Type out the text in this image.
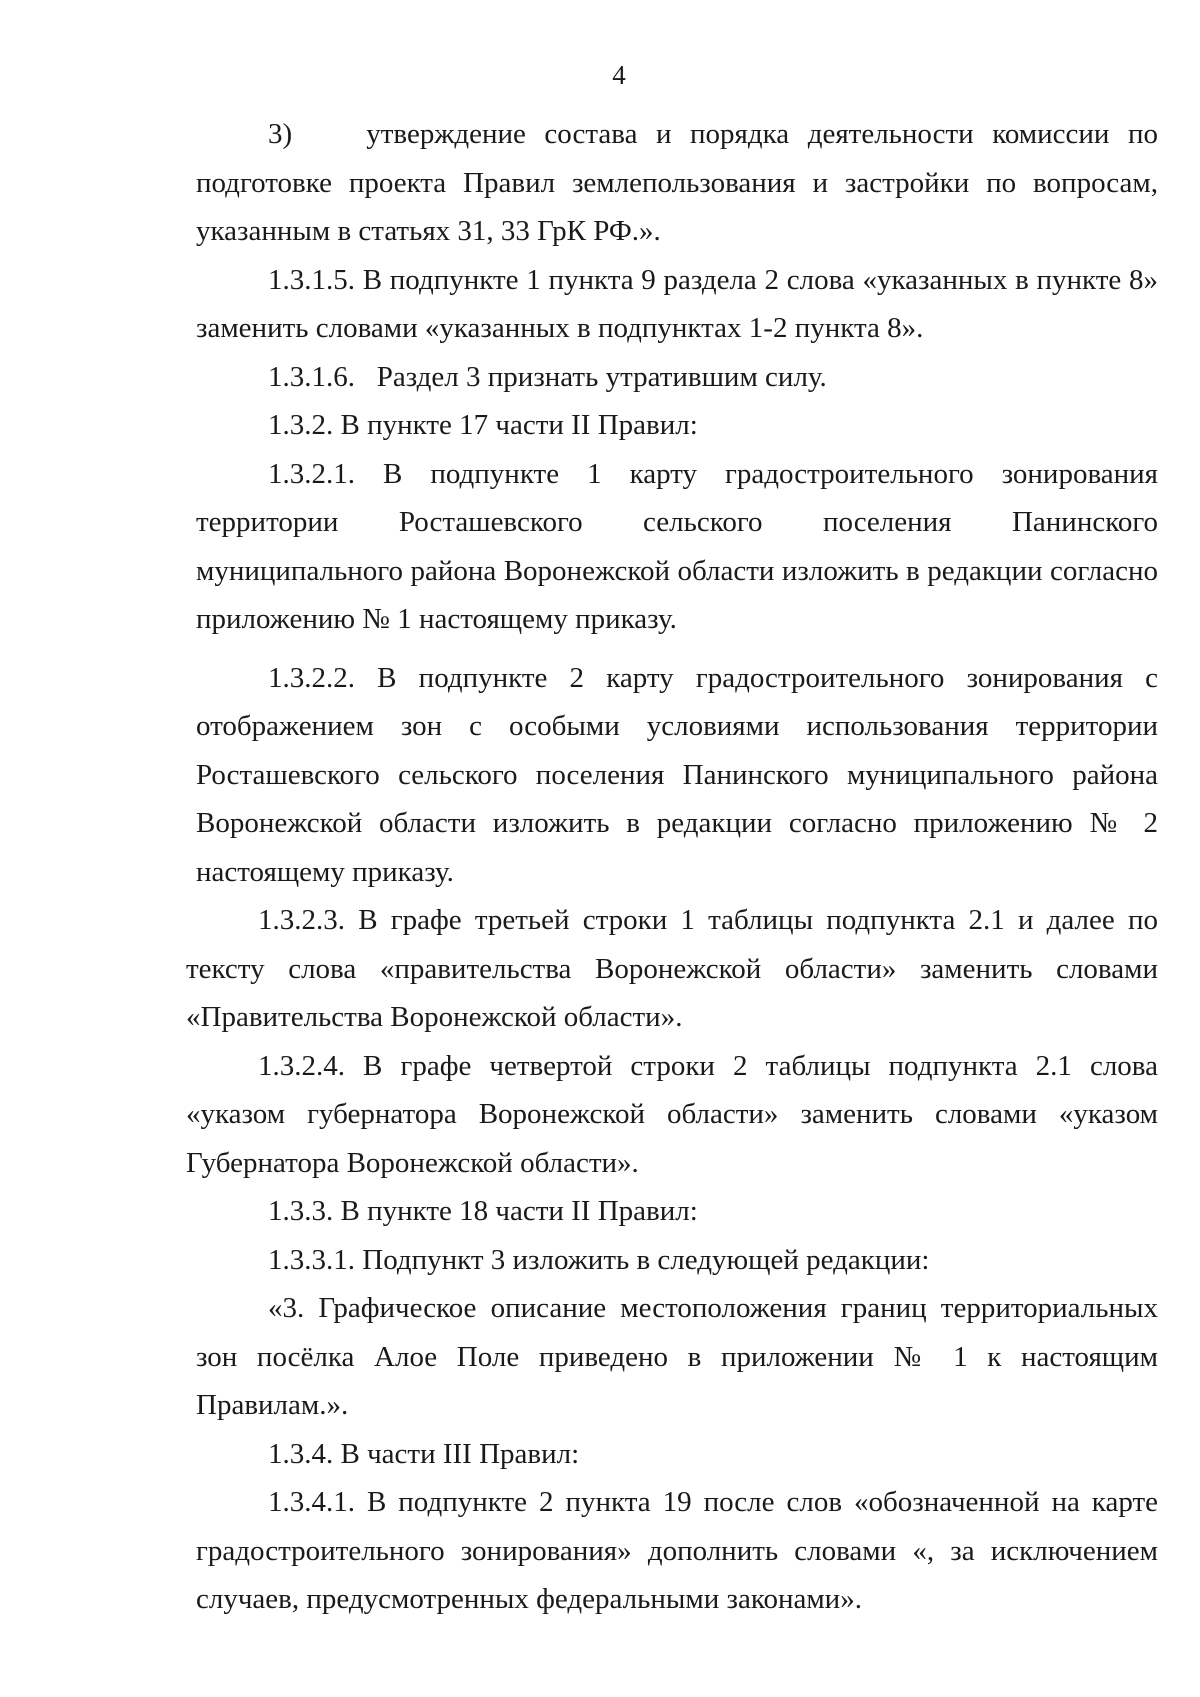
4

3)    утверждение состава и порядка деятельности комиссии по подготовке проекта Правил землепользования и застройки по вопросам, указанным в статьях 31, 33 ГрК РФ.».

1.3.1.5. В подпункте 1 пункта 9 раздела 2 слова «указанных в пункте 8» заменить словами «указанных в подпунктах 1-2 пункта 8».

1.3.1.6.   Раздел 3 признать утратившим силу.

1.3.2. В пункте 17 части II Правил:

1.3.2.1. В подпункте 1 карту градостроительного зонирования территории Росташевского сельского поселения Панинского муниципального района Воронежской области изложить в редакции согласно приложению № 1 настоящему приказу.

1.3.2.2. В подпункте 2 карту градостроительного зонирования с отображением зон с особыми условиями использования территории Росташевского сельского поселения Панинского муниципального района Воронежской области изложить в редакции согласно приложению № 2 настоящему приказу.

1.3.2.3. В графе третьей строки 1 таблицы подпункта 2.1 и далее по тексту слова «правительства Воронежской области» заменить словами «Правительства Воронежской области».

1.3.2.4. В графе четвертой строки 2 таблицы подпункта 2.1 слова «указом губернатора Воронежской области» заменить словами «указом Губернатора Воронежской области».

1.3.3. В пункте 18 части II Правил:

1.3.3.1. Подпункт 3 изложить в следующей редакции:

«3. Графическое описание местоположения границ территориальных зон посёлка Алое Поле приведено в приложении № 1 к настоящим Правилам.».

1.3.4. В части III Правил:

1.3.4.1. В подпункте 2 пункта 19 после слов «обозначенной на карте градостроительного зонирования» дополнить словами «, за исключением случаев, предусмотренных федеральными законами».
